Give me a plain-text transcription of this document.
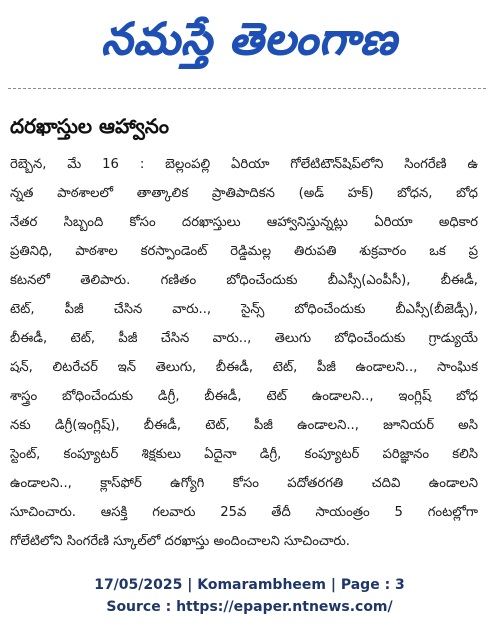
నమస్తే తెలంగాణ
దరఖాస్తుల ఆహ్వానం
రెబ్బెన, మే 16 : బెల్లంపల్లి ఏరియా గోలేటిటౌన్‌షిప్‌లోని సింగరేణి ఉ
న్నత పాఠశాలలో తాత్కాలిక ప్రాతిపాదికన (అడ్ హక్) బోధన, బోధ
నేతర సిబ్బంది కోసం దరఖాస్తులు ఆహ్వానిస్తున్నట్లు ఏరియా అధికార
ప్రతినిధి, పాఠశాల కరస్పాండెంట్ రెడ్డిమల్ల తిరుపతి శుక్రవారం ఒక ప్ర
కటనలో తెలిపారు. గణితం బోధించేందుకు బీఎస్సీ(ఎంపీసీ), బీఈడీ,
టెట్, పీజీ చేసిన వారు.., సైన్స్ బోధించేందుకు బీఎస్సీ(బీజెడ్సీ),
బీఈడీ, టెట్, పీజీ చేసిన వారు.., తెలుగు బోధించేందుకు గ్రాడ్యుయే
షన్, లిటరేచర్ ఇన్ తెలుగు, బీఈడీ, టెట్, పీజీ ఉండాలని.., సాంఘిక
శాస్త్రం బోధించేందుకు డిగ్రీ, బీఈడీ, టెట్ ఉండాలని.., ఇంగ్లిష్ బోధ
నకు డిగ్రీ(ఇంగ్లిష్), బీఈడీ, టెట్, పీజీ ఉండాలని.., జూనియర్ అసి
స్టెంట్, కంప్యూటర్ శిక్షకులు ఏదైనా డిగ్రీ, కంప్యూటర్ పరిజ్ఞానం కలిసి
ఉండాలని.., క్లాస్‌ఫోర్ ఉగ్యోగి కోసం పదోతరగతి చదివి ఉండాలని
సూచించారు. ఆసక్తి గలవారు 25వ తేదీ సాయంత్రం 5 గంటల్లోగా
గోలేటిలోని సింగరేణి స్కూల్‌లో దరఖాస్తు అందించాలని సూచించారు.
17/05/2025 | Komarambheem | Page : 3
Source : https://epaper.ntnews.com/
